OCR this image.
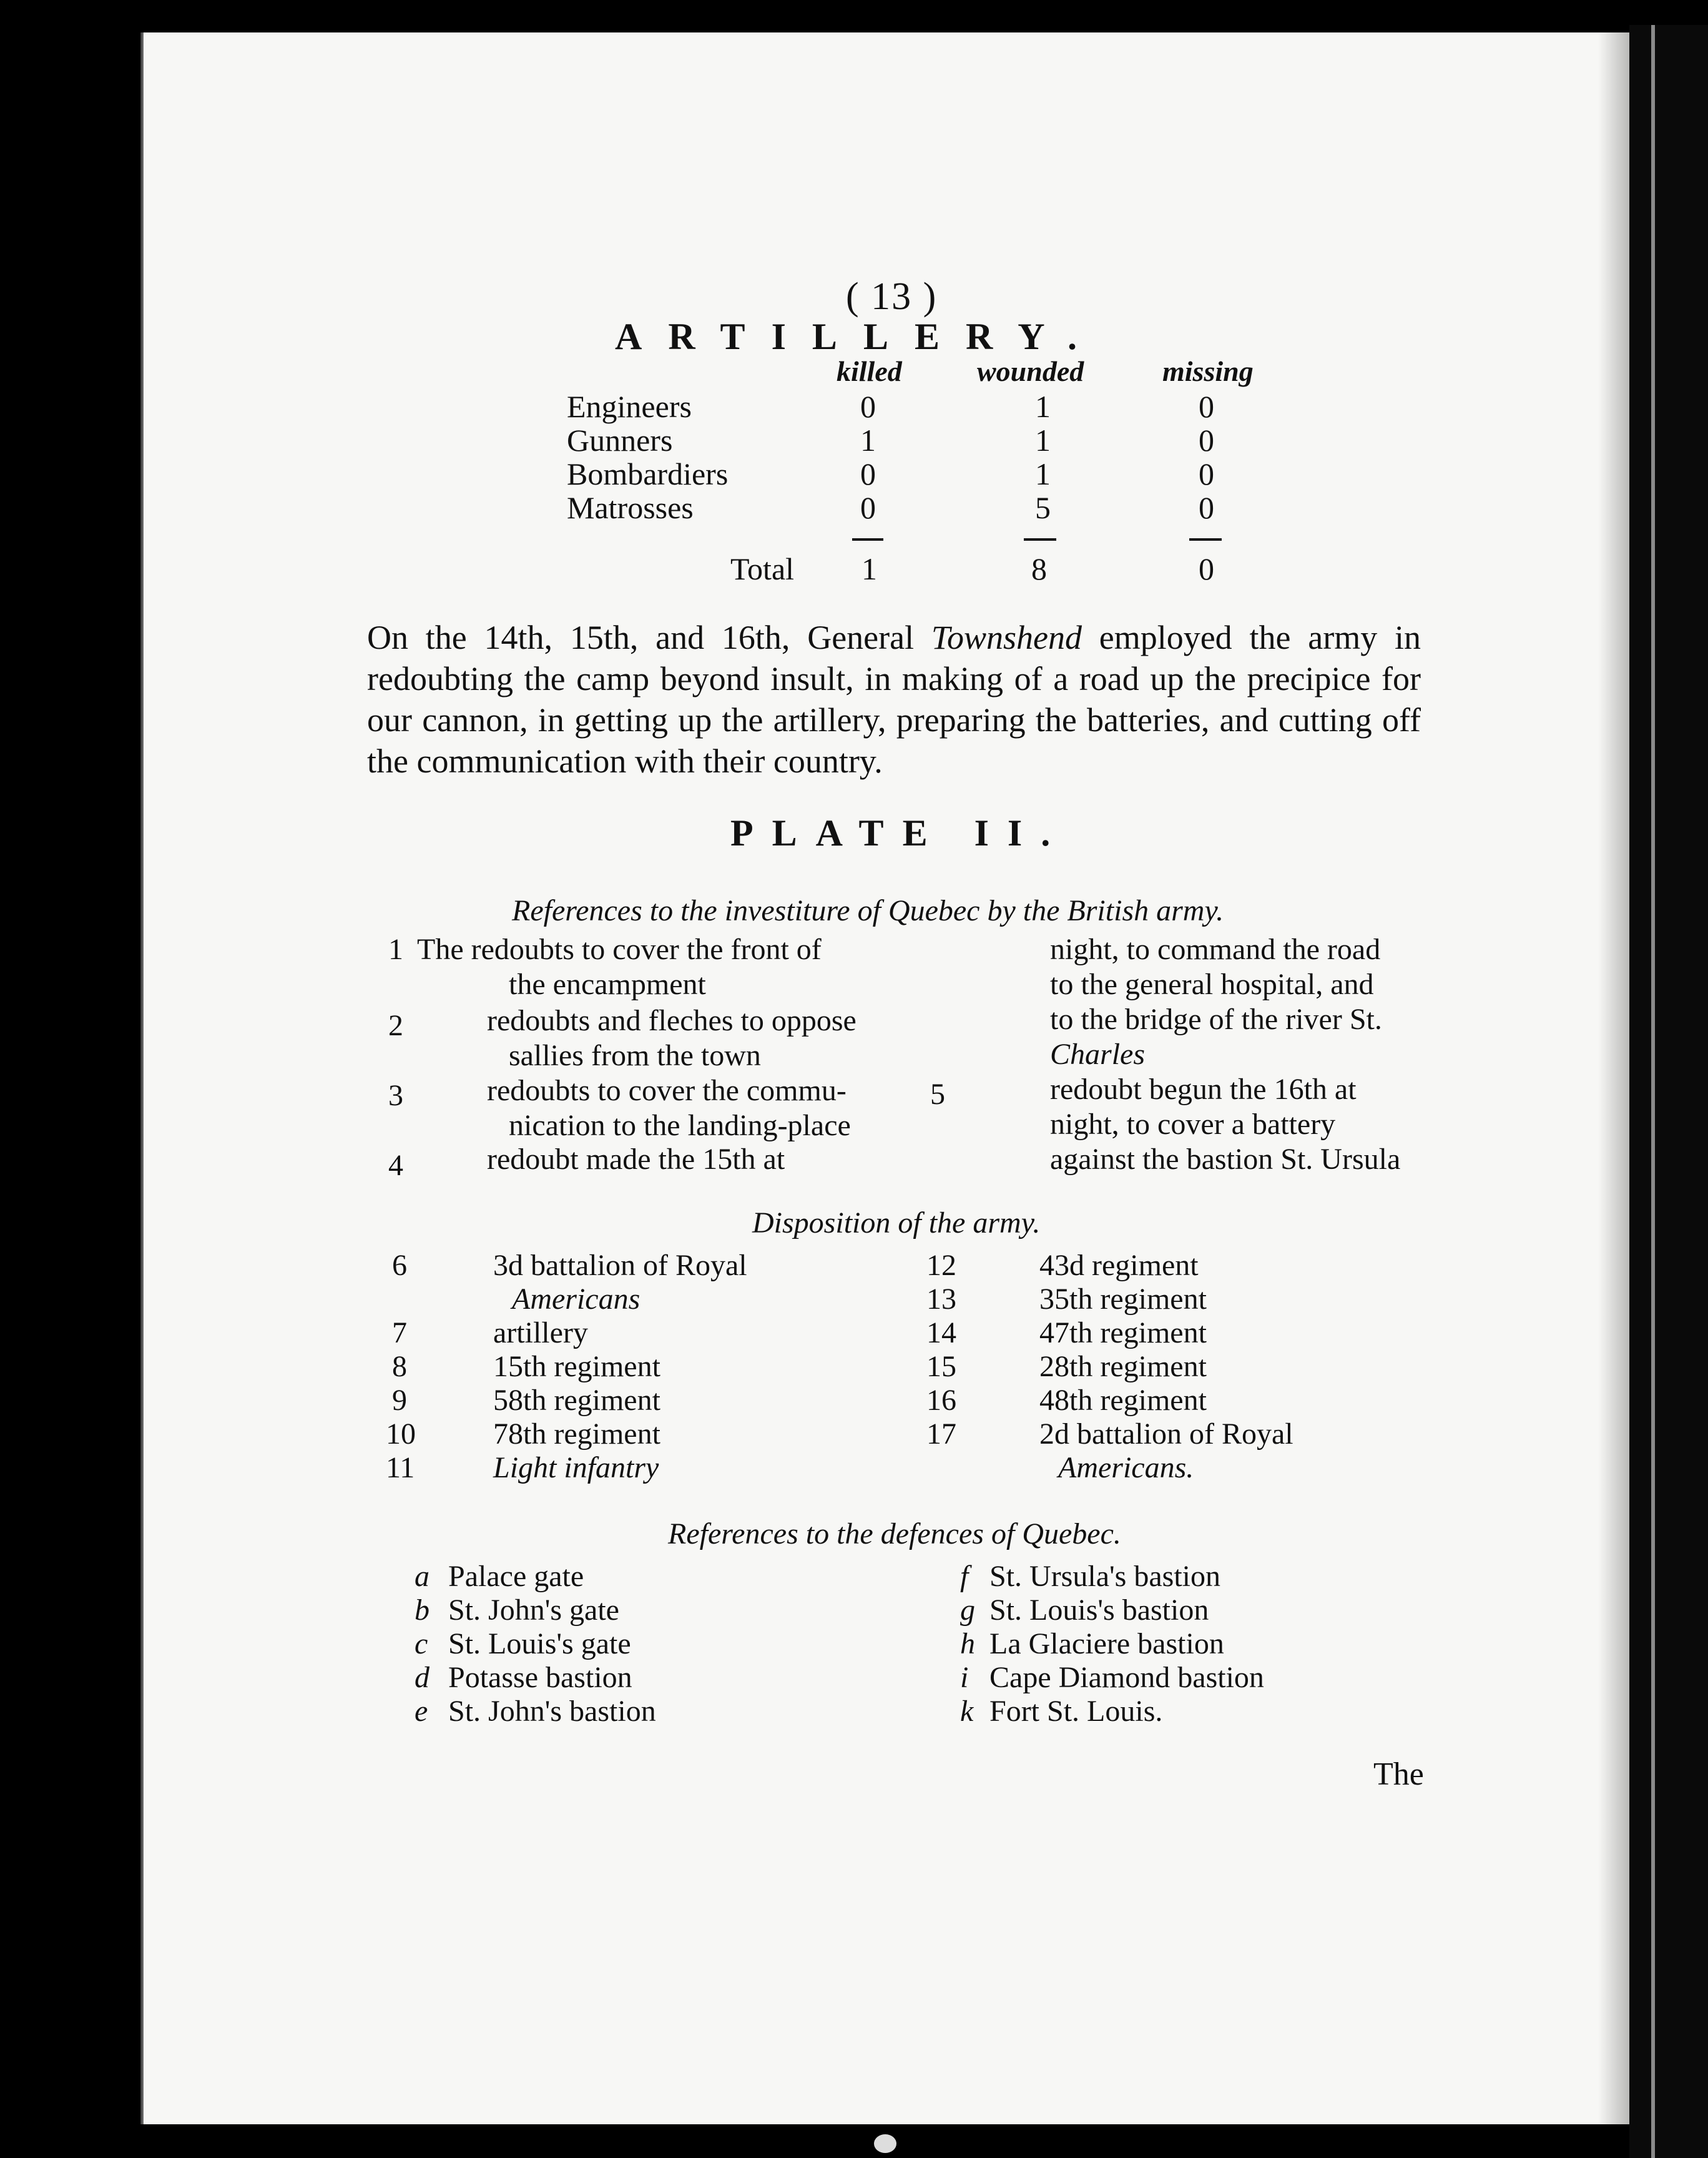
( 13 )
ARTILLERY.
killed	wounded	missing
Engineers	0	1	0
Gunners	1	1	0
Bombardiers	0	1	0
Matrosses	0	5	0
Total 1	8	0
On the 14th, 15th, and 16th, General Townshend employed the army in redoubting the camp beyond insult, in making of a road up the precipice for our cannon, in getting up the artillery, preparing the batteries, and cutting off the communication with their country.
PLATE II.
References to the investiture of Quebec by the British army.
1 The redoubts to cover the front of
the encampment
2	redoubts and fleches to oppose
sallies from the town
3	redoubts to cover the commu-
nication to the landing-place
4	redoubt made the 15th at
night, to command the road
to the general hospital, and
to the bridge of the river St.
Charles
5	redoubt begun the 16th at
night, to cover a battery
against the bastion St. Ursula
Disposition of the army.
6	3d battalion of Royal
Americans
7	artillery
8	15th regiment
9	58th regiment
10	78th regiment
11	Light infantry
12	43d regiment
13	35th regiment
14	47th regiment
15	28th regiment
16	48th regiment
17	2d battalion of Royal
Americans.
References to the defences of Quebec.
a Palace gate
b St. John's gate
c St. Louis's gate
d Potasse bastion
e St. John's bastion
f St. Ursula's bastion
g St. Louis's bastion
h La Glaciere bastion
i Cape Diamond bastion
k Fort St. Louis.
The
